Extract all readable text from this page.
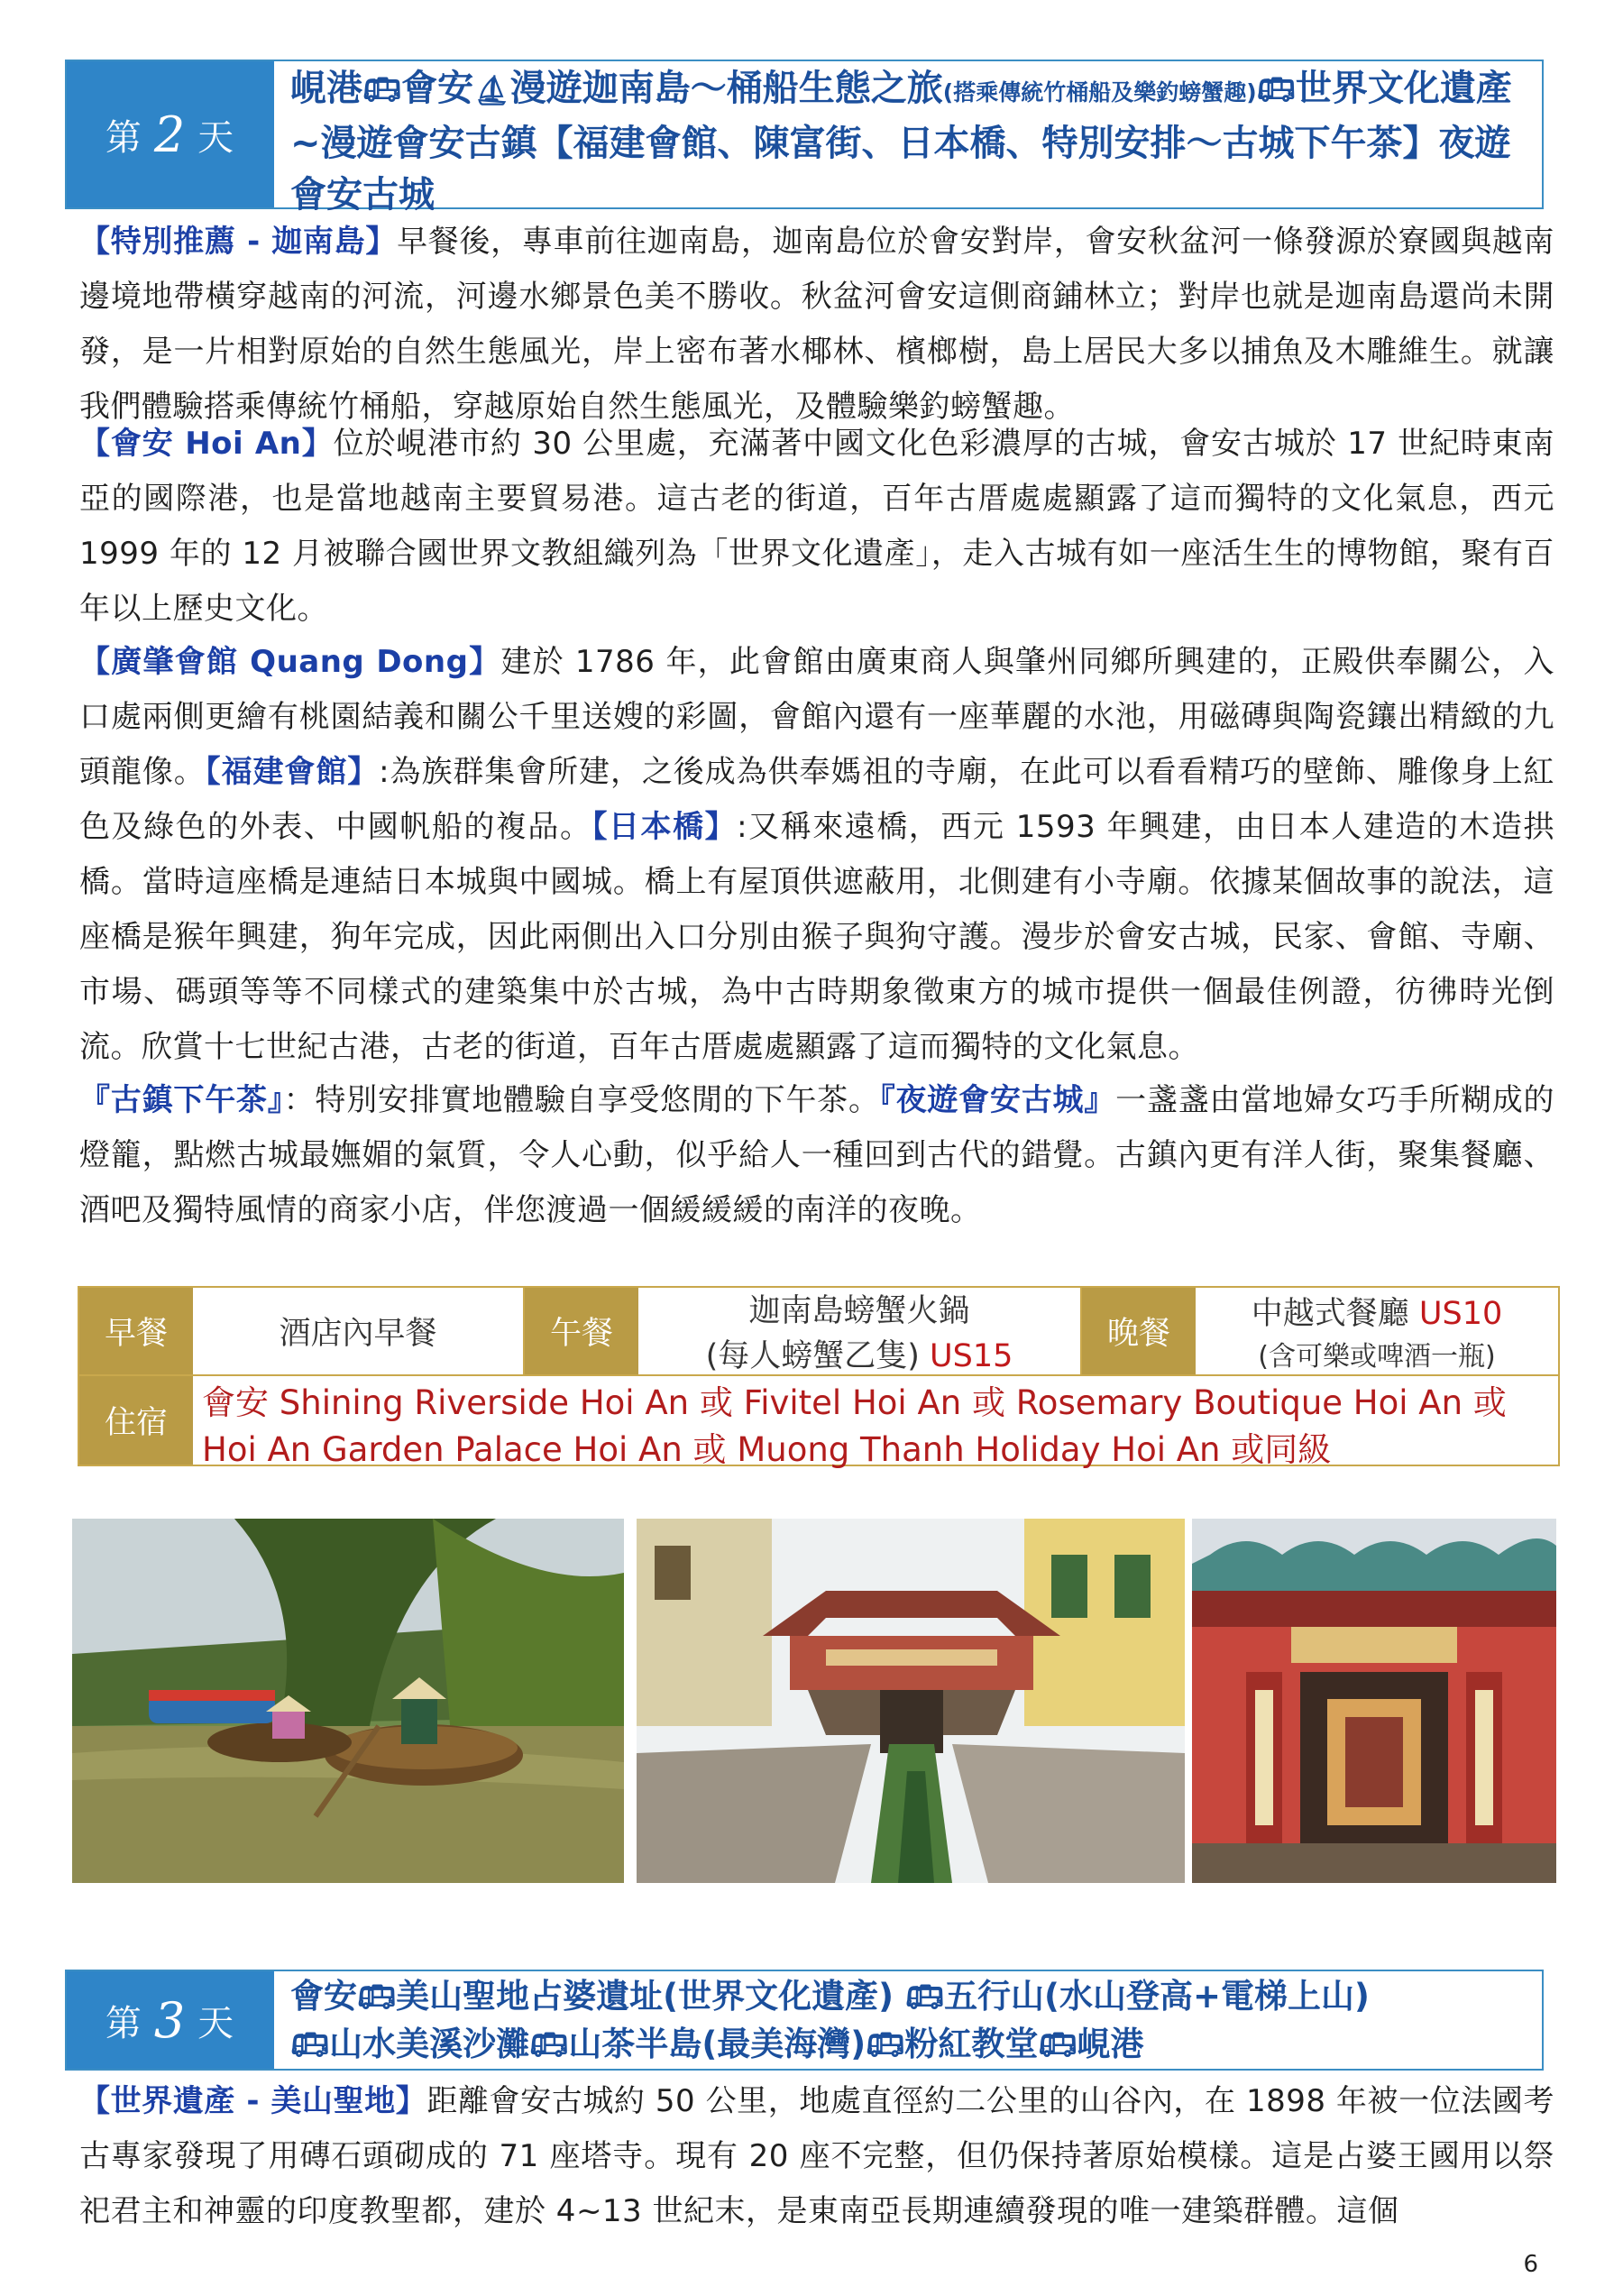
第 2 天
峴港🚌︎會安⛵︎漫遊迦南島～桶船生態之旅(搭乘傳統竹桶船及樂釣螃蟹趣)🚌︎世界文化遺產~漫遊會安古鎮【福建會館、陳富街、日本橋、特別安排～古城下午茶】夜遊會安古城

【特別推薦 - 迦南島】早餐後，專車前往迦南島，迦南島位於會安對岸，會安秋盆河一條發源於寮國與越南邊境地帶橫穿越南的河流，河邊水鄉景色美不勝收。秋盆河會安這側商鋪林立；對岸也就是迦南島還尚未開發，是一片相對原始的自然生態風光，岸上密布著水椰林、檳榔樹，島上居民大多以捕魚及木雕維生。就讓我們體驗搭乘傳統竹桶船，穿越原始自然生態風光，及體驗樂釣螃蟹趣。

【會安 Hoi An】位於峴港市約 30 公里處，充滿著中國文化色彩濃厚的古城，會安古城於 17 世紀時東南亞的國際港，也是當地越南主要貿易港。這古老的街道，百年古厝處處顯露了這而獨特的文化氣息，西元 1999 年的 12 月被聯合國世界文教組織列為「世界文化遺產」，走入古城有如一座活生生的博物館，聚有百年以上歷史文化。

【廣肇會館 Quang Dong】建於 1786 年，此會館由廣東商人與肇州同鄉所興建的，正殿供奉關公，入口處兩側更繪有桃園結義和關公千里送嫂的彩圖，會館內還有一座華麗的水池，用磁磚與陶瓷鑲出精緻的九頭龍像。【福建會館】:為族群集會所建，之後成為供奉媽祖的寺廟，在此可以看看精巧的壁飾、雕像身上紅色及綠色的外表、中國帆船的複品。【日本橋】:又稱來遠橋，西元 1593 年興建，由日本人建造的木造拱橋。當時這座橋是連結日本城與中國城。橋上有屋頂供遮蔽用，北側建有小寺廟。依據某個故事的說法，這座橋是猴年興建，狗年完成，因此兩側出入口分別由猴子與狗守護。漫步於會安古城，民家、會館、寺廟、市場、碼頭等等不同樣式的建築集中於古城，為中古時期象徵東方的城市提供一個最佳例證，彷彿時光倒流。欣賞十七世紀古港，古老的街道，百年古厝處處顯露了這而獨特的文化氣息。

『古鎮下午茶』：特別安排實地體驗自享受悠閒的下午茶。『夜遊會安古城』一盞盞由當地婦女巧手所糊成的燈籠，點燃古城最嫵媚的氣質，令人心動，似乎給人一種回到古代的錯覺。古鎮內更有洋人街，聚集餐廳、酒吧及獨特風情的商家小店，伴您渡過一個緩緩緩的南洋的夜晚。

早餐	酒店內早餐	午餐
迦南島螃蟹火鍋
(每人螃蟹乙隻) US15
晚餐
中越式餐廳 US10
(含可樂或啤酒一瓶)
住宿
會安 Shining Riverside Hoi An 或 Fivitel Hoi An 或 Rosemary Boutique Hoi An 或
Hoi An Garden Palace Hoi An 或 Muong Thanh Holiday Hoi An 或同級
第 3 天
會安🚌︎美山聖地占婆遺址(世界文化遺產) 🚌︎五行山(水山登高+電梯上山)
🚌︎山水美溪沙灘🚌︎山茶半島(最美海灣)🚌︎粉紅教堂🚌︎峴港

【世界遺產 - 美山聖地】距離會安古城約 50 公里，地處直徑約二公里的山谷內，在 1898 年被一位法國考古專家發現了用磚石頭砌成的 71 座塔寺。現有 20 座不完整，但仍保持著原始模樣。這是占婆王國用以祭祀君主和神靈的印度教聖都，建於 4~13 世紀末，是東南亞長期連續發現的唯一建築群體。這個

6
